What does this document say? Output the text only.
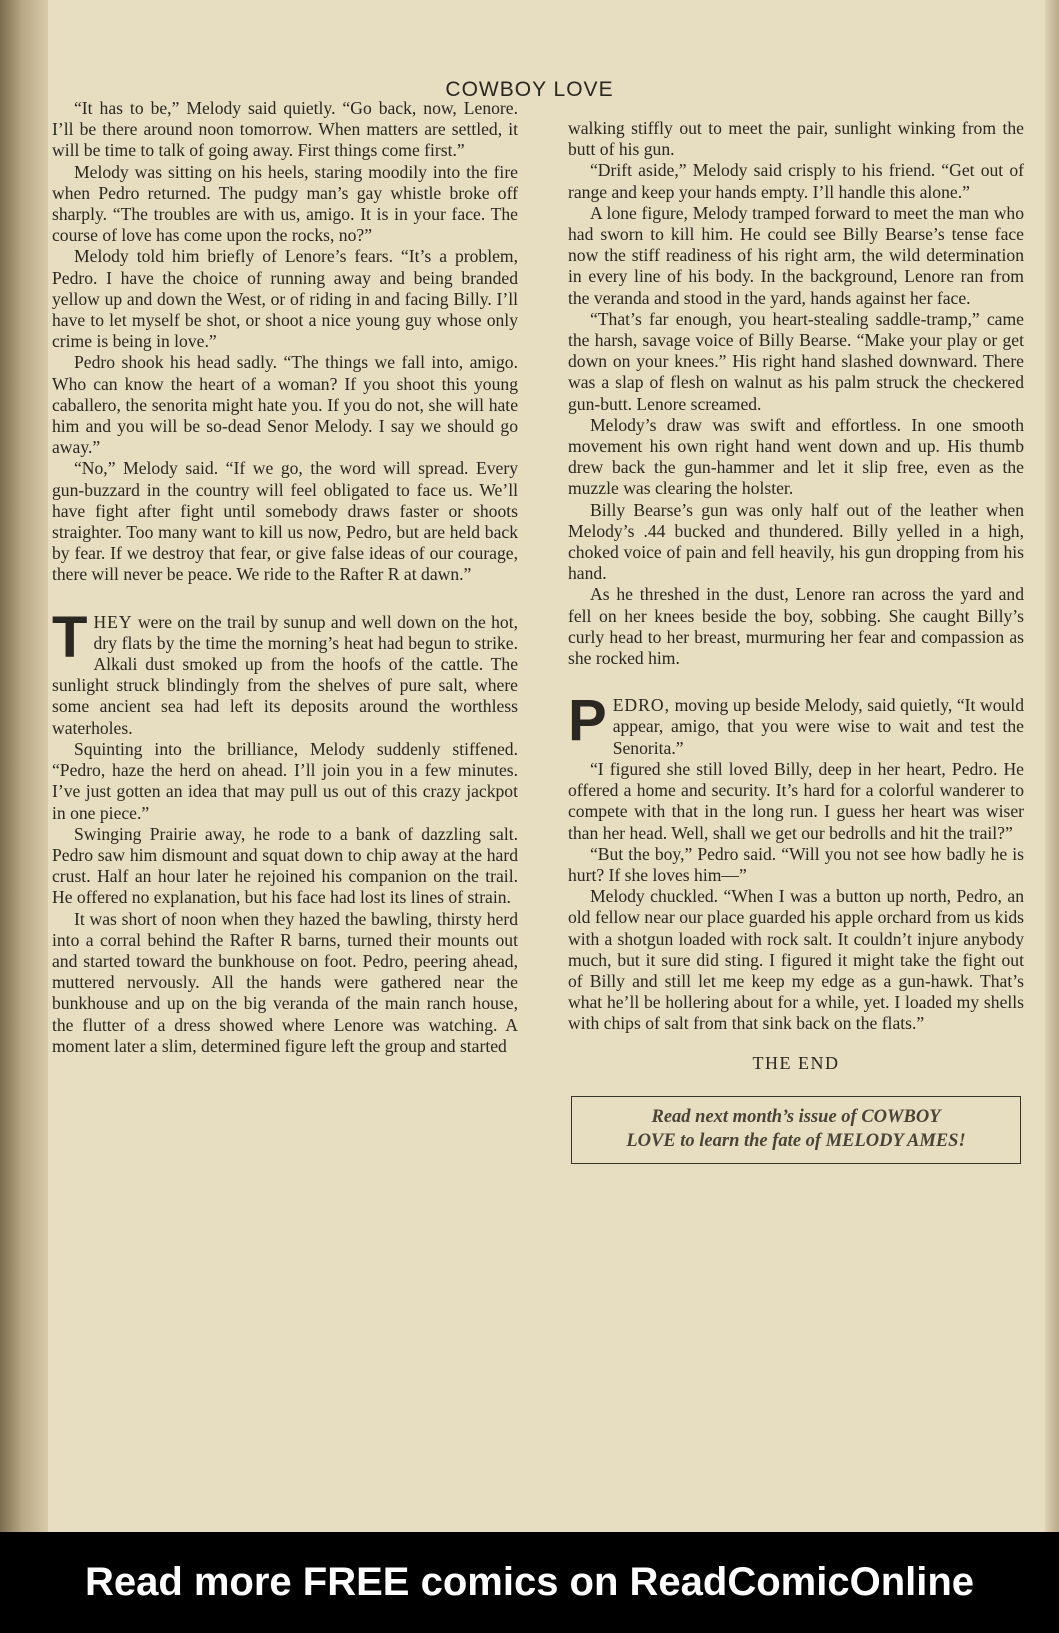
COWBOY LOVE

“It has to be,” Melody said quietly. “Go back, now, Lenore. I’ll be there around noon tomorrow. When matters are settled, it will be time to talk of going away. First things come first.”

Melody was sitting on his heels, staring moodily into the fire when Pedro returned. The pudgy man’s gay whistle broke off sharply. “The troubles are with us, amigo. It is in your face. The course of love has come upon the rocks, no?”

Melody told him briefly of Lenore’s fears. “It’s a problem, Pedro. I have the choice of running away and being branded yellow up and down the West, or of riding in and facing Billy. I’ll have to let myself be shot, or shoot a nice young guy whose only crime is being in love.”

Pedro shook his head sadly. “The things we fall into, amigo. Who can know the heart of a woman? If you shoot this young caballero, the senorita might hate you. If you do not, she will hate him and you will be so-dead Senor Melody. I say we should go away.”

“No,” Melody said. “If we go, the word will spread. Every gun-buzzard in the country will feel obligated to face us. We’ll have fight after fight until somebody draws faster or shoots straighter. Too many want to kill us now, Pedro, but are held back by fear. If we destroy that fear, or give false ideas of our courage, there will never be peace. We ride to the Rafter R at dawn.”

THEY were on the trail by sunup and well down on the hot, dry flats by the time the morning’s heat had begun to strike. Alkali dust smoked up from the hoofs of the cattle. The sunlight struck blindingly from the shelves of pure salt, where some ancient sea had left its deposits around the worthless waterholes.

Squinting into the brilliance, Melody suddenly stiffened. “Pedro, haze the herd on ahead. I’ll join you in a few minutes. I’ve just gotten an idea that may pull us out of this crazy jackpot in one piece.”

Swinging Prairie away, he rode to a bank of dazzling salt. Pedro saw him dismount and squat down to chip away at the hard crust. Half an hour later he rejoined his companion on the trail. He offered no explanation, but his face had lost its lines of strain.

It was short of noon when they hazed the bawling, thirsty herd into a corral behind the Rafter R barns, turned their mounts out and started toward the bunkhouse on foot. Pedro, peering ahead, muttered nervously. All the hands were gathered near the bunkhouse and up on the big veranda of the main ranch house, the flutter of a dress showed where Lenore was watching. A moment later a slim, determined figure left the group and started

walking stiffly out to meet the pair, sunlight winking from the butt of his gun.

“Drift aside,” Melody said crisply to his friend. “Get out of range and keep your hands empty. I’ll handle this alone.”

A lone figure, Melody tramped forward to meet the man who had sworn to kill him. He could see Billy Bearse’s tense face now the stiff readiness of his right arm, the wild determination in every line of his body. In the background, Lenore ran from the veranda and stood in the yard, hands against her face.

“That’s far enough, you heart-stealing saddle-tramp,” came the harsh, savage voice of Billy Bearse. “Make your play or get down on your knees.” His right hand slashed downward. There was a slap of flesh on walnut as his palm struck the checkered gun-butt. Lenore screamed.

Melody’s draw was swift and effortless. In one smooth movement his own right hand went down and up. His thumb drew back the gun-hammer and let it slip free, even as the muzzle was clearing the holster.

Billy Bearse’s gun was only half out of the leather when Melody’s .44 bucked and thundered. Billy yelled in a high, choked voice of pain and fell heavily, his gun dropping from his hand.

As he threshed in the dust, Lenore ran across the yard and fell on her knees beside the boy, sobbing. She caught Billy’s curly head to her breast, murmuring her fear and compassion as she rocked him.

PEDRO, moving up beside Melody, said quietly, “It would appear, amigo, that you were wise to wait and test the Senorita.”

“I figured she still loved Billy, deep in her heart, Pedro. He offered a home and security. It’s hard for a colorful wanderer to compete with that in the long run. I guess her heart was wiser than her head. Well, shall we get our bedrolls and hit the trail?”

“But the boy,” Pedro said. “Will you not see how badly he is hurt? If she loves him—”

Melody chuckled. “When I was a button up north, Pedro, an old fellow near our place guarded his apple orchard from us kids with a shotgun loaded with rock salt. It couldn’t injure anybody much, but it sure did sting. I figured it might take the fight out of Billy and still let me keep my edge as a gun-hawk. That’s what he’ll be hollering about for a while, yet. I loaded my shells with chips of salt from that sink back on the flats.”

THE END
Read next month’s issue of COWBOY
LOVE to learn the fate of MELODY AMES!
Read more FREE comics on ReadComicOnline
